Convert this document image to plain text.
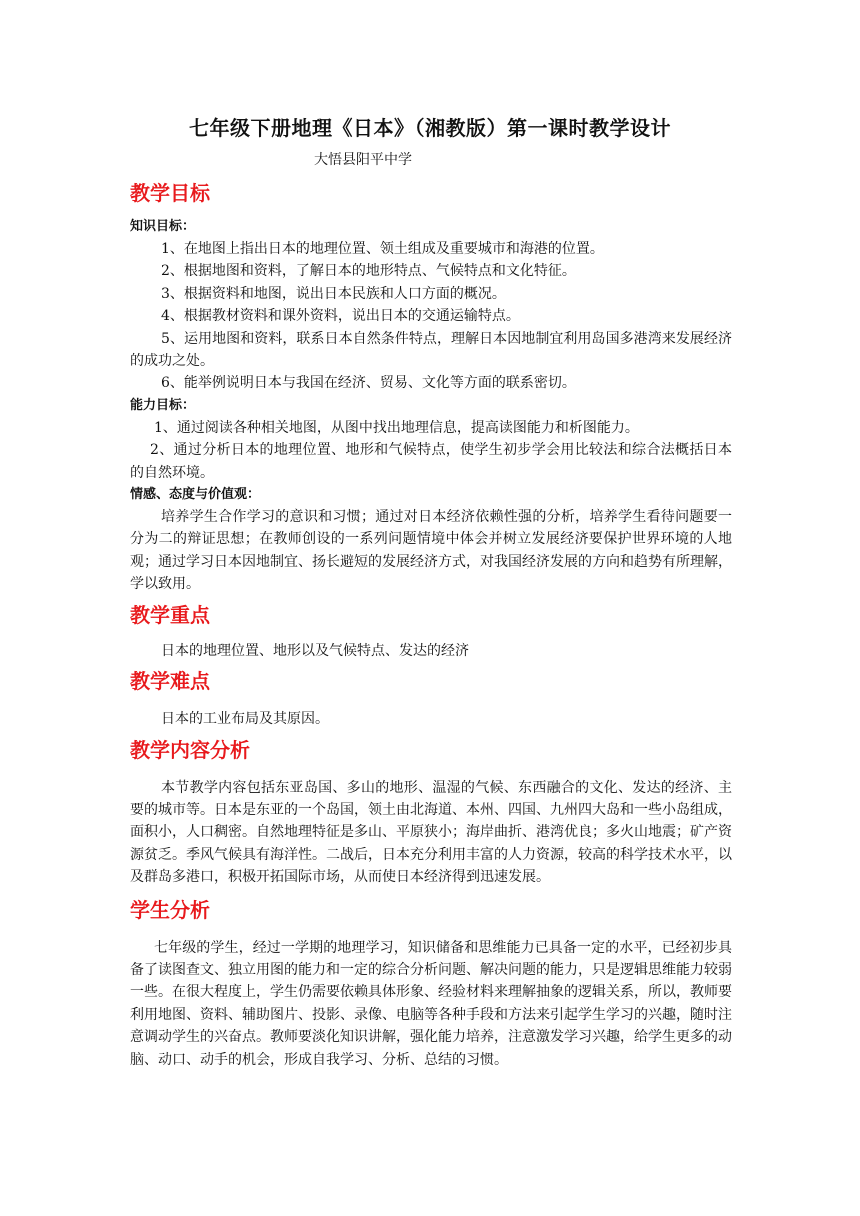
七年级下册地理《日本》（湘教版）第一课时教学设计
大悟县阳平中学
教学目标
知识目标：

1、在地图上指出日本的地理位置、领土组成及重要城市和海港的位置。

2、根据地图和资料，了解日本的地形特点、气候特点和文化特征。

3、根据资料和地图，说出日本民族和人口方面的概况。

4、根据教材资料和课外资料，说出日本的交通运输特点。

5、运用地图和资料，联系日本自然条件特点，理解日本因地制宜利用岛国多港湾来发展经济的成功之处。

6、能举例说明日本与我国在经济、贸易、文化等方面的联系密切。

能力目标：

1、通过阅读各种相关地图，从图中找出地理信息，提高读图能力和析图能力。

2、通过分析日本的地理位置、地形和气候特点，使学生初步学会用比较法和综合法概括日本的自然环境。

情感、态度与价值观：

培养学生合作学习的意识和习惯；通过对日本经济依赖性强的分析，培养学生看待问题要一分为二的辩证思想；在教师创设的一系列问题情境中体会并树立发展经济要保护世界环境的人地观；通过学习日本因地制宜、扬长避短的发展经济方式，对我国经济发展的方向和趋势有所理解，学以致用。

教学重点

日本的地理位置、地形以及气候特点、发达的经济

教学难点

日本的工业布局及其原因。

教学内容分析

本节教学内容包括东亚岛国、多山的地形、温湿的气候、东西融合的文化、发达的经济、主要的城市等。日本是东亚的一个岛国，领土由北海道、本州、四国、九州四大岛和一些小岛组成，面积小，人口稠密。自然地理特征是多山、平原狭小；海岸曲折、港湾优良；多火山地震；矿产资源贫乏。季风气候具有海洋性。二战后，日本充分利用丰富的人力资源，较高的科学技术水平，以及群岛多港口，积极开拓国际市场，从而使日本经济得到迅速发展。

学生分析

七年级的学生，经过一学期的地理学习，知识储备和思维能力已具备一定的水平，已经初步具备了读图查文、独立用图的能力和一定的综合分析问题、解决问题的能力，只是逻辑思维能力较弱一些。在很大程度上，学生仍需要依赖具体形象、经验材料来理解抽象的逻辑关系，所以，教师要利用地图、资料、辅助图片、投影、录像、电脑等各种手段和方法来引起学生学习的兴趣，随时注意调动学生的兴奋点。教师要淡化知识讲解，强化能力培养，注意激发学习兴趣，给学生更多的动脑、动口、动手的机会，形成自我学习、分析、总结的习惯。
